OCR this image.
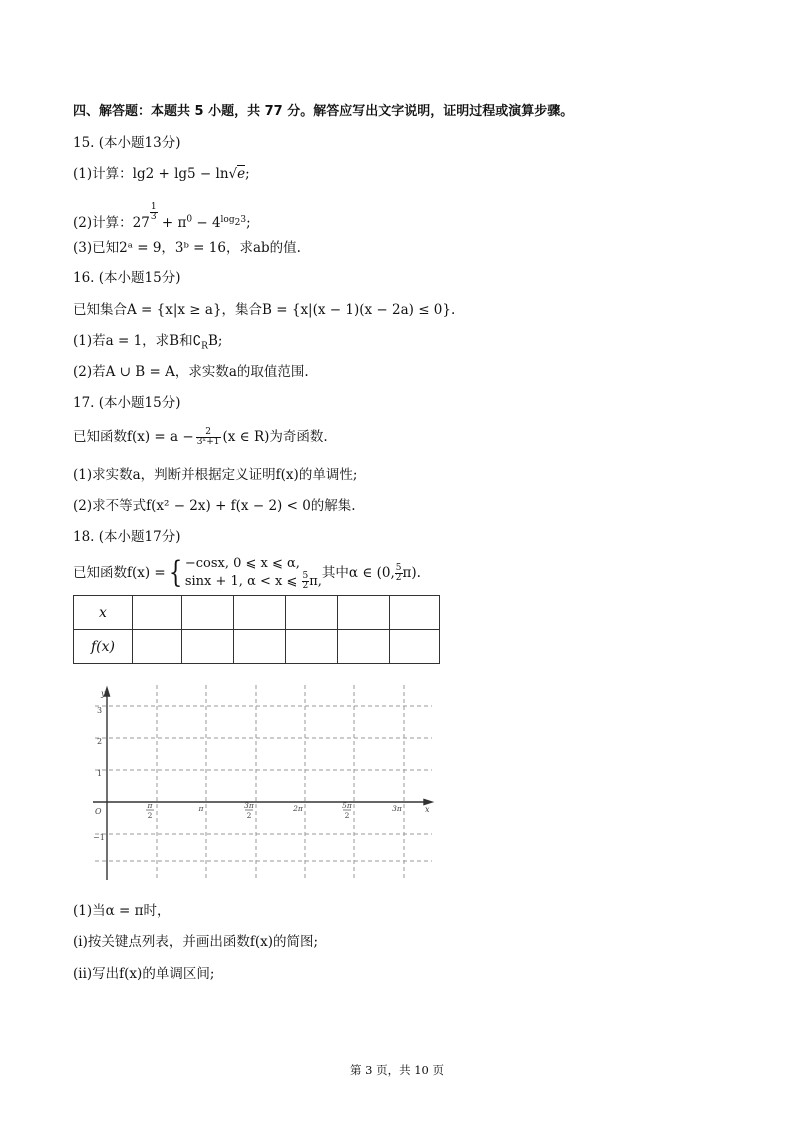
四、解答题：本题共 5 小题，共 77 分。解答应写出文字说明，证明过程或演算步骤。
15. (本小题13分)
(1)计算：lg2 + lg5 − ln√e;
(2)计算：27
$\frac{1}{3}$
+ $\pi^0 - 4^{log_23}$;
(3)已知2ᵃ = 9，3ᵇ = 16，求ab的值.
16. (本小题15分)
已知集合A = {x|x ≥ a}，集合B = {x|(x − 1)(x − 2a) ≤ 0}.
(1)若a = 1，求B和$∁_RB$;
(2)若A ∪ B = A，求实数a的取值范围.
17. (本小题15分)
已知函数$f(x) = a - \frac{2}{\text{3ˣ+1}} (x$ ∈ R)为奇函数.
(1)求实数a，判断并根据定义证明f(x)的单调性;
(2)求不等式f(x² − 2x) + f(x − 2) < 0的解集.
18. (本小题17分)
已知函数f(x) ={ −cosx, 0 ⩽ x ⩽ α,
sinx + 1, α < x ⩽ $\frac{5}{2} \pi$,
其中α ∈ (0, $\frac{5}{2} \pi$).
x						
f(x)						
y
x
O
3
2
1
−1
π
2
π	3π
2
2π	5π
2
3π
(1)当α = π时，
(i)按关键点列表，并画出函数f(x)的简图;
(ii)写出f(x)的单调区间;
第 3 页，共 10 页
